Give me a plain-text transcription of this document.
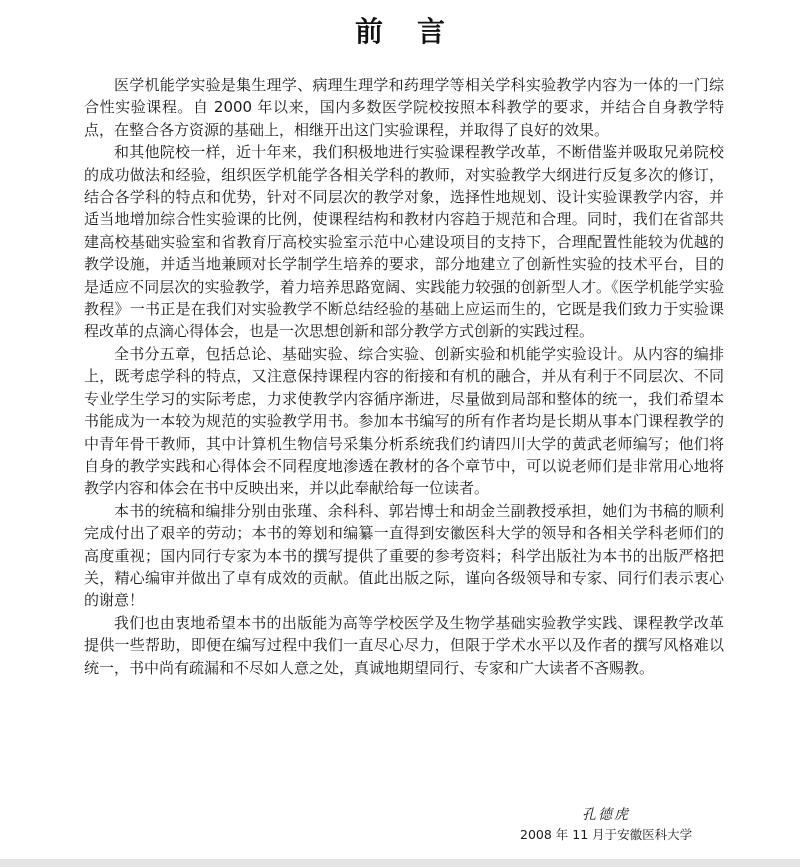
前言

医学机能学实验是集生理学、病理生理学和药理学等相关学科实验教学内容为一体的一门综合性实验课程。自 2000 年以来，国内多数医学院校按照本科教学的要求，并结合自身教学特点，在整合各方资源的基础上，相继开出这门实验课程，并取得了良好的效果。

和其他院校一样，近十年来，我们积极地进行实验课程教学改革，不断借鉴并吸取兄弟院校的成功做法和经验，组织医学机能学各相关学科的教师，对实验教学大纲进行反复多次的修订，结合各学科的特点和优势，针对不同层次的教学对象，选择性地规划、设计实验课教学内容，并适当地增加综合性实验课的比例，使课程结构和教材内容趋于规范和合理。同时，我们在省部共建高校基础实验室和省教育厅高校实验室示范中心建设项目的支持下，合理配置性能较为优越的教学设施，并适当地兼顾对长学制学生培养的要求，部分地建立了创新性实验的技术平台，目的是适应不同层次的实验教学，着力培养思路宽阔、实践能力较强的创新型人才。《医学机能学实验教程》一书正是在我们对实验教学不断总结经验的基础上应运而生的，它既是我们致力于实验课程改革的点滴心得体会，也是一次思想创新和部分教学方式创新的实践过程。

全书分五章，包括总论、基础实验、综合实验、创新实验和机能学实验设计。从内容的编排上，既考虑学科的特点，又注意保持课程内容的衔接和有机的融合，并从有利于不同层次、不同专业学生学习的实际考虑，力求使教学内容循序渐进，尽量做到局部和整体的统一，我们希望本书能成为一本较为规范的实验教学用书。参加本书编写的所有作者均是长期从事本门课程教学的中青年骨干教师，其中计算机生物信号采集分析系统我们约请四川大学的黄武老师编写；他们将自身的教学实践和心得体会不同程度地渗透在教材的各个章节中，可以说老师们是非常用心地将教学内容和体会在书中反映出来，并以此奉献给每一位读者。

本书的统稿和编排分别由张瑾、余科科、郭岩博士和胡金兰副教授承担，她们为书稿的顺利完成付出了艰辛的劳动；本书的筹划和编纂一直得到安徽医科大学的领导和各相关学科老师们的高度重视；国内同行专家为本书的撰写提供了重要的参考资料；科学出版社为本书的出版严格把关，精心编审并做出了卓有成效的贡献。值此出版之际，谨向各级领导和专家、同行们表示衷心的谢意！

我们也由衷地希望本书的出版能为高等学校医学及生物学基础实验教学实践、课程教学改革提供一些帮助，即便在编写过程中我们一直尽心尽力，但限于学术水平以及作者的撰写风格难以统一，书中尚有疏漏和不尽如人意之处，真诚地期望同行、专家和广大读者不吝赐教。

孔德虎
2008 年 11 月于安徽医科大学
